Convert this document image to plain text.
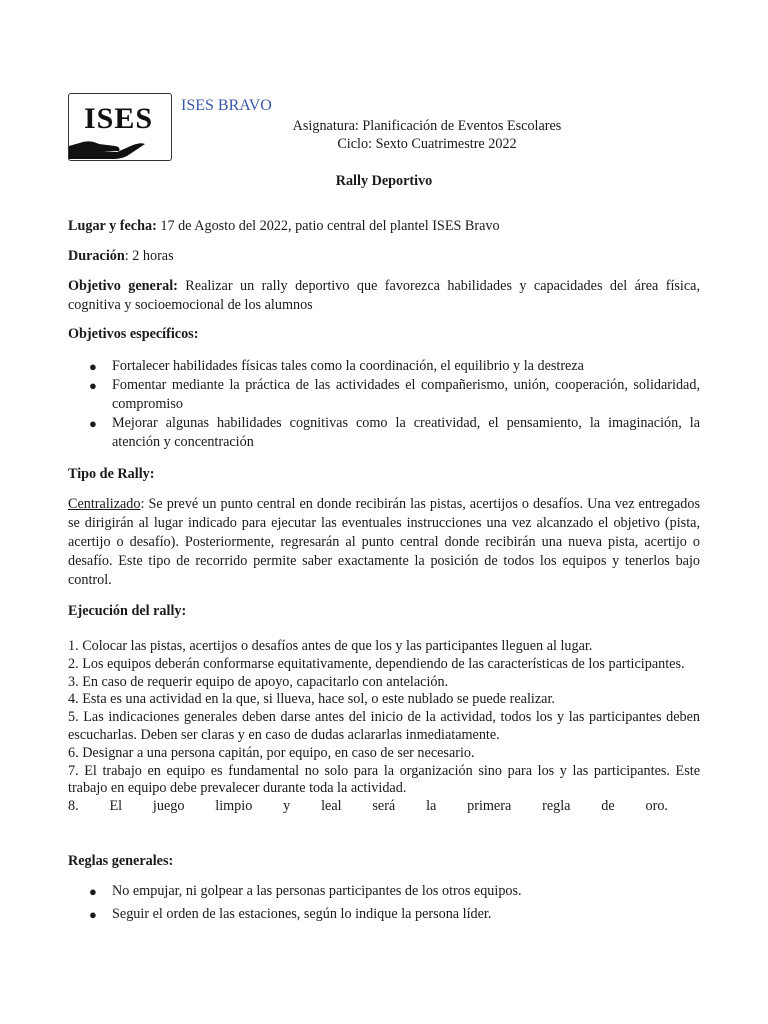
ISES ISES BRAVO
Asignatura: Planificación de Eventos Escolares
Ciclo: Sexto Cuatrimestre 2022
Rally Deportivo
Lugar y fecha: 17 de Agosto del 2022, patio central del plantel ISES Bravo
Duración: 2 horas
Objetivo general: Realizar un rally deportivo que favorezca habilidades y capacidades del área física, cognitiva y socioemocional de los alumnos
Objetivos específicos:
● Fortalecer habilidades físicas tales como la coordinación, el equilibrio y la destreza
● Fomentar mediante la práctica de las actividades el compañerismo, unión, cooperación, solidaridad, compromiso
● Mejorar algunas habilidades cognitivas como la creatividad, el pensamiento, la imaginación, la atención y concentración
Tipo de Rally:
Centralizado: Se prevé un punto central en donde recibirán las pistas, acertijos o desafíos. Una vez entregados se dirigirán al lugar indicado para ejecutar las eventuales instrucciones una vez alcanzado el objetivo (pista, acertijo o desafío). Posteriormente, regresarán al punto central donde recibirán una nueva pista, acertijo o desafío. Este tipo de recorrido permite saber exactamente la posición de todos los equipos y tenerlos bajo control.
Ejecución del rally:
1. Colocar las pistas, acertijos o desafíos antes de que los y las participantes lleguen al lugar.
2. Los equipos deberán conformarse equitativamente, dependiendo de las características de los participantes.
3. En caso de requerir equipo de apoyo, capacitarlo con antelación.
4. Esta es una actividad en la que, si llueva, hace sol, o este nublado se puede realizar.
5. Las indicaciones generales deben darse antes del inicio de la actividad, todos los y las participantes deben escucharlas. Deben ser claras y en caso de dudas aclararlas inmediatamente.
6. Designar a una persona capitán, por equipo, en caso de ser necesario.
7. El trabajo en equipo es fundamental no solo para la organización sino para los y las participantes. Este trabajo en equipo debe prevalecer durante toda la actividad.
8. El juego limpio y leal será la primera regla de oro.
Reglas generales:
● No empujar, ni golpear a las personas participantes de los otros equipos.
● Seguir el orden de las estaciones, según lo indique la persona líder.
